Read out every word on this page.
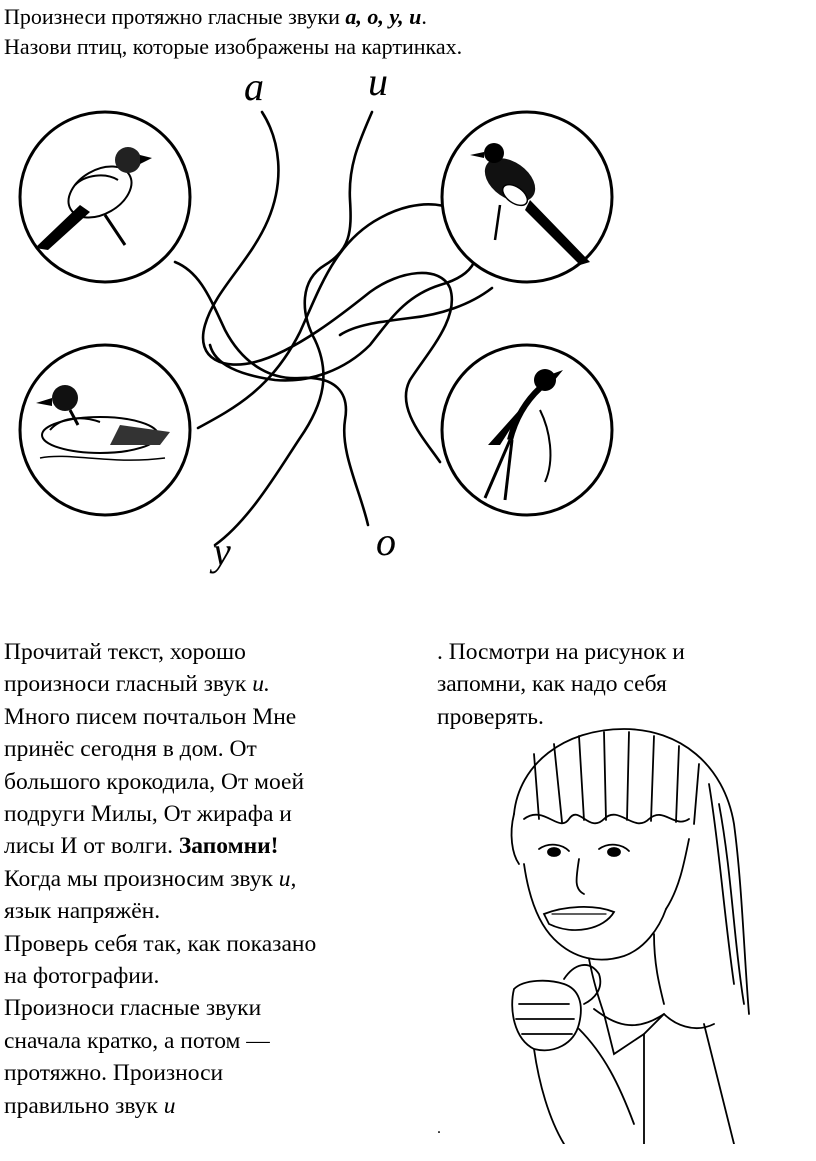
Произнеси протяжно гласные звуки а, о, у, и.
Назови птиц, которые изображены на картинках.
а	и
у	о
Прочитай текст, хорошо
произноси гласный звук и.
Много писем почтальон Мне
принёс сегодня в дом. От
большого крокодила, От моей
подруги Милы, От жирафа и
лисы И от волги. Запомни!
Когда мы произносим звук и,
язык напряжён.
Проверь себя так, как показано
на фотографии.
Произноси гласные звуки
сначала кратко, а потом —
протяжно. Произноси
правильно звук и
. Посмотри на рисунок и
запомни, как надо себя
проверять.
.
